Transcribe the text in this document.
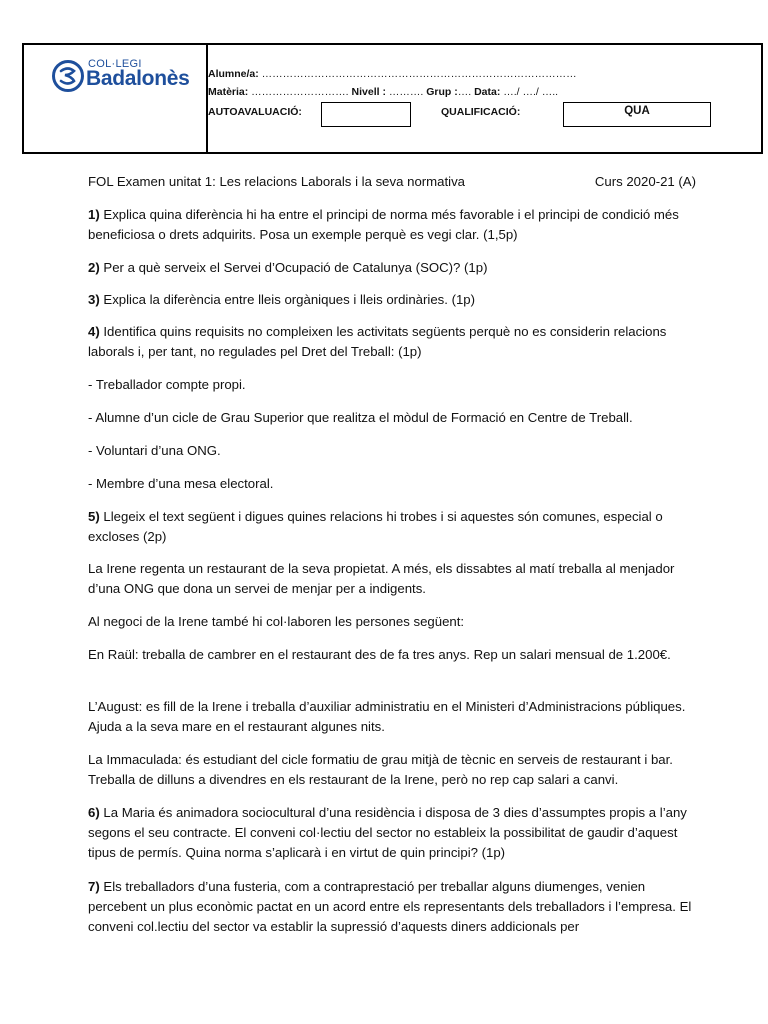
COL·LEGI
Badalonès Alumne/a: ………………………………………………………………………………
Matèria: ………………………. Nivell : ………. Grup :…. Data: …./ …./ …..
AUTOAVALUACIÓ:	QUALIFICACIÓ:	QUA
FOL Examen unitat 1: Les relacions Laborals i la seva normativa	Curs 2020-21 (A)

1) Explica quina diferència hi ha entre el principi de norma més favorable i el principi de condició més beneficiosa o drets adquirits. Posa un exemple perquè es vegi clar. (1,5p)

2) Per a què serveix el Servei d’Ocupació de Catalunya (SOC)? (1p)

3) Explica la diferència entre lleis orgàniques i lleis ordinàries. (1p)

4) Identifica quins requisits no compleixen les activitats següents perquè no es considerin relacions laborals i, per tant, no regulades pel Dret del Treball: (1p)

- Treballador compte propi.
- Alumne d’un cicle de Grau Superior que realitza el mòdul de Formació en Centre de Treball.
- Voluntari d’una ONG.
- Membre d’una mesa electoral.

5) Llegeix el text següent i digues quines relacions hi trobes i si aquestes són comunes, especial o excloses (2p)

La Irene regenta un restaurant de la seva propietat. A més, els dissabtes al matí treballa al menjador d’una ONG que dona un servei de menjar per a indigents.
Al negoci de la Irene també hi col·laboren les persones següent:
En Raül: treballa de cambrer en el restaurant des de fa tres anys. Rep un salari mensual de 1.200€.
L’August: es fill de la Irene i treballa d’auxiliar administratiu en el Ministeri d’Administracions públiques. Ajuda a la seva mare en el restaurant algunes nits.
La Immaculada: és estudiant del cicle formatiu de grau mitjà de tècnic en serveis de restaurant i bar. Treballa de dilluns a divendres en els restaurant de la Irene, però no rep cap salari a canvi.

6) La Maria és animadora sociocultural d’una residència i disposa de 3 dies d’assumptes propis a l’any segons el seu contracte. El conveni col·lectiu del sector no estableix la possibilitat de gaudir d’aquest tipus de permís. Quina norma s’aplicarà i en virtut de quin principi? (1p)

7) Els treballadors d’una fusteria, com a contraprestació per treballar alguns diumenges, venien percebent un plus econòmic pactat en un acord entre els representants dels treballadors i l’empresa. El conveni col.lectiu del sector va establir la supressió d’aquests diners addicionals per
